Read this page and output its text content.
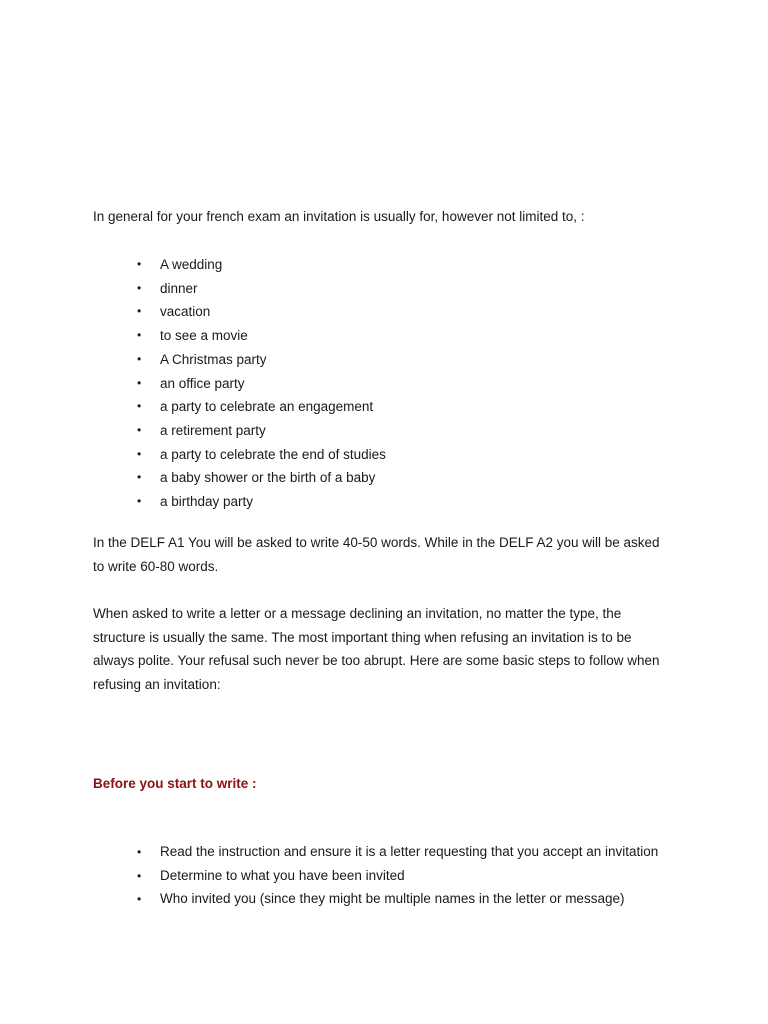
In general for your french exam an invitation is usually for, however not limited to, :

• A wedding
• dinner
• vacation
• to see a movie
• A Christmas party
• an office party
• a party to celebrate an engagement
• a retirement party
• a party to celebrate the end of studies
• a baby shower or the birth of a baby
• a birthday party

In the DELF A1 You will be asked to write 40-50 words. While in the DELF A2 you will be asked to write 60-80 words.

When asked to write a letter or a message declining an invitation, no matter the type, the structure is usually the same. The most important thing when refusing an invitation is to be always polite. Your refusal such never be too abrupt. Here are some basic steps to follow when refusing an invitation:

Before you start to write :
• Read the instruction and ensure it is a letter requesting that you accept an invitation
• Determine to what you have been invited
• Who invited you (since they might be multiple names in the letter or message)
